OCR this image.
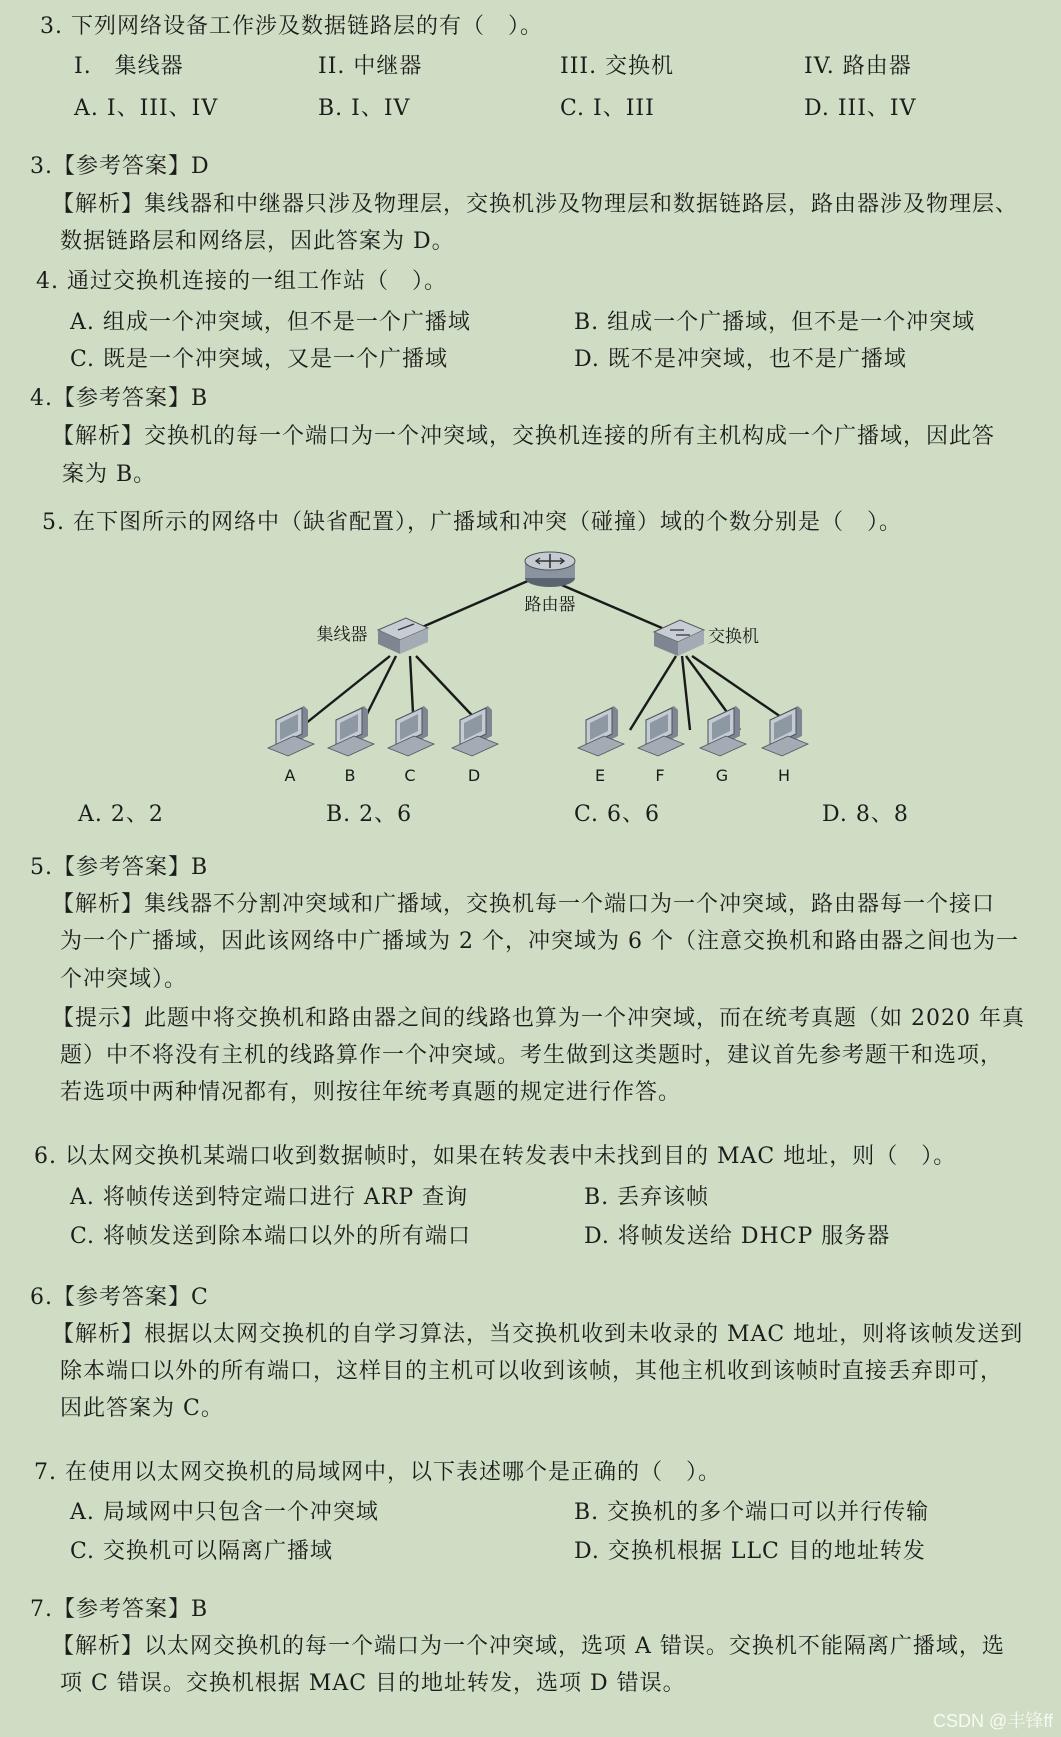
3. 下列网络设备工作涉及数据链路层的有（　）。
I.　集线器	II. 中继器	III. 交换机	IV. 路由器
A. I、III、IV	B. I、IV	C. I、III	D. III、IV
3.【参考答案】D
【解析】集线器和中继器只涉及物理层，交换机涉及物理层和数据链路层，路由器涉及物理层、
数据链路层和网络层，因此答案为 D。
4. 通过交换机连接的一组工作站（　）。
A. 组成一个冲突域，但不是一个广播域	B. 组成一个广播域，但不是一个冲突域
C. 既是一个冲突域，又是一个广播域	D. 既不是冲突域，也不是广播域
4.【参考答案】B
【解析】交换机的每一个端口为一个冲突域，交换机连接的所有主机构成一个广播域，因此答
案为 B。
5. 在下图所示的网络中（缺省配置），广播域和冲突（碰撞）域的个数分别是（　）。
路由器
集线器	交换机
A	B	C	D	E	F	G	H
A. 2、2	B. 2、6	C. 6、6	D. 8、8
5.【参考答案】B
【解析】集线器不分割冲突域和广播域，交换机每一个端口为一个冲突域，路由器每一个接口
为一个广播域，因此该网络中广播域为 2 个，冲突域为 6 个（注意交换机和路由器之间也为一
个冲突域）。
【提示】此题中将交换机和路由器之间的线路也算为一个冲突域，而在统考真题（如 2020 年真
题）中不将没有主机的线路算作一个冲突域。考生做到这类题时，建议首先参考题干和选项，
若选项中两种情况都有，则按往年统考真题的规定进行作答。
6. 以太网交换机某端口收到数据帧时，如果在转发表中未找到目的 MAC 地址，则（　）。
A. 将帧传送到特定端口进行 ARP 查询	B. 丢弃该帧
C. 将帧发送到除本端口以外的所有端口	D. 将帧发送给 DHCP 服务器
6.【参考答案】C
【解析】根据以太网交换机的自学习算法，当交换机收到未收录的 MAC 地址，则将该帧发送到
除本端口以外的所有端口，这样目的主机可以收到该帧，其他主机收到该帧时直接丢弃即可，
因此答案为 C。
7. 在使用以太网交换机的局域网中，以下表述哪个是正确的（　）。
A. 局域网中只包含一个冲突域	B. 交换机的多个端口可以并行传输
C. 交换机可以隔离广播域	D. 交换机根据 LLC 目的地址转发
7.【参考答案】B
【解析】以太网交换机的每一个端口为一个冲突域，选项 A 错误。交换机不能隔离广播域，选
项 C 错误。交换机根据 MAC 目的地址转发，选项 D 错误。
CSDN @丰锋ff
